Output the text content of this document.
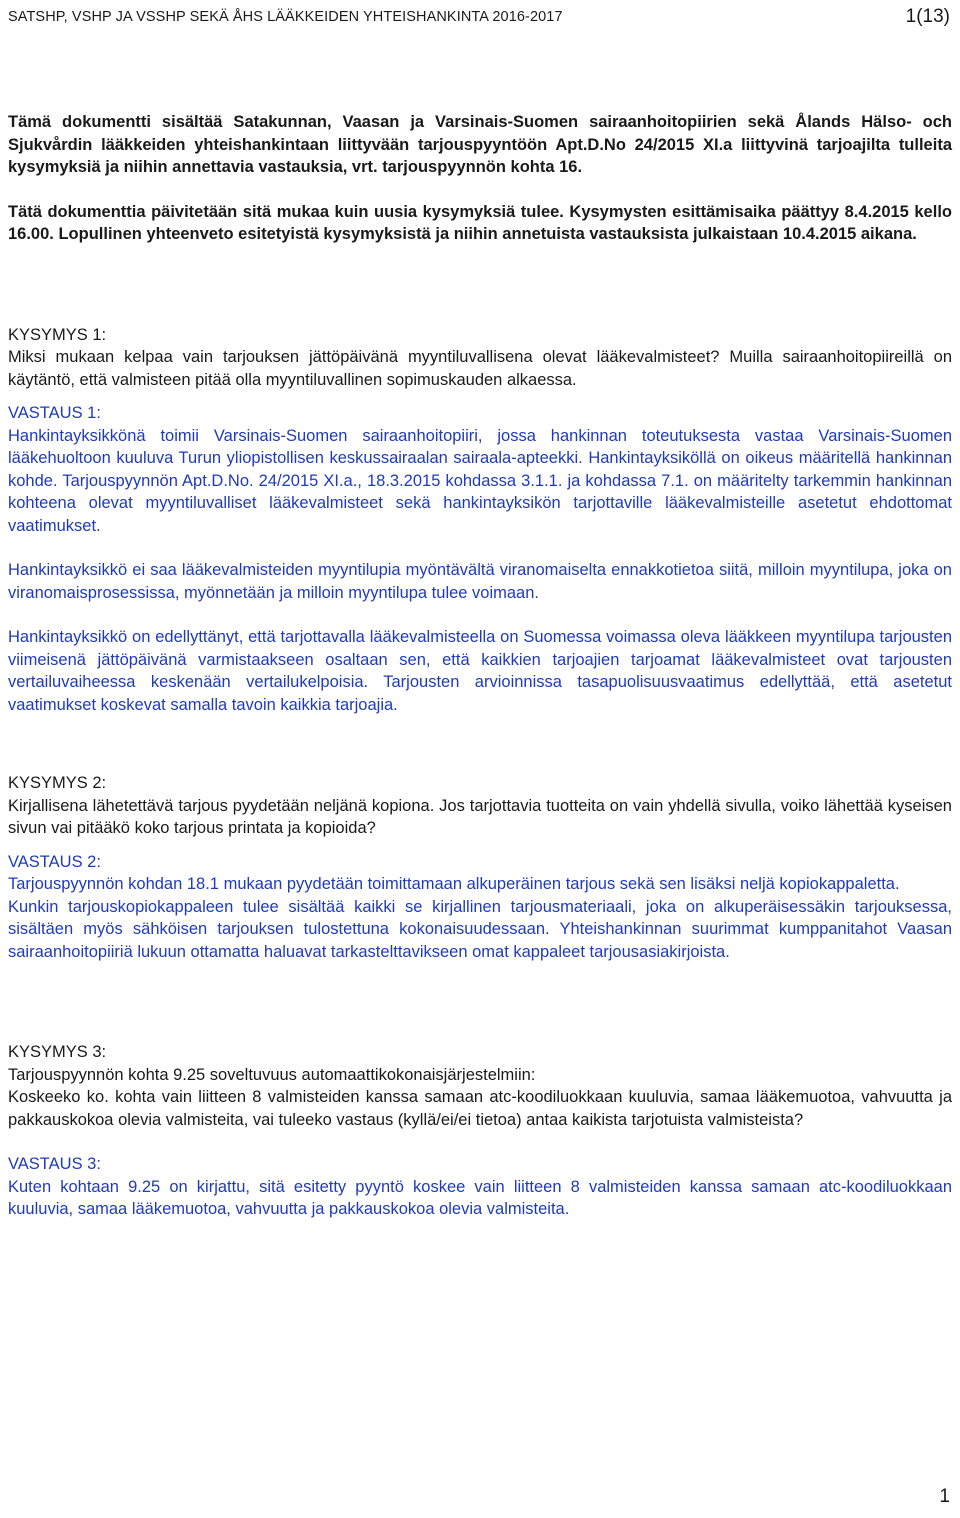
SATSHP, VSHP JA VSSHP SEKÄ ÅHS LÄÄKKEIDEN YHTEISHANKINTA 2016-2017	1(13)

Tämä dokumentti sisältää Satakunnan, Vaasan ja Varsinais-Suomen sairaanhoitopiirien sekä Ålands Hälso- och Sjukvårdin lääkkeiden yhteishankintaan liittyvään tarjouspyyntöön Apt.D.No 24/2015 XI.a liittyvinä tarjoajilta tulleita kysymyksiä ja niihin annettavia vastauksia, vrt. tarjouspyynnön kohta 16.

Tätä dokumenttia päivitetään sitä mukaa kuin uusia kysymyksiä tulee. Kysymysten esittämisaika päättyy 8.4.2015 kello 16.00. Lopullinen yhteenveto esitetyistä kysymyksistä ja niihin annetuista vastauksista julkaistaan 10.4.2015 aikana.

KYSYMYS 1:

Miksi mukaan kelpaa vain tarjouksen jättöpäivänä myyntiluvallisena olevat lääkevalmisteet? Muilla sairaanhoitopiireillä on käytäntö, että valmisteen pitää olla myyntiluvallinen sopimuskauden alkaessa.

VASTAUS 1:

Hankintayksikkönä toimii Varsinais-Suomen sairaanhoitopiiri, jossa hankinnan toteutuksesta vastaa Varsinais-Suomen lääkehuoltoon kuuluva Turun yliopistollisen keskussairaalan sairaala-apteekki. Hankintayksiköllä on oikeus määritellä hankinnan kohde. Tarjouspyynnön Apt.D.No. 24/2015 XI.a., 18.3.2015 kohdassa 3.1.1. ja kohdassa 7.1. on määritelty tarkemmin hankinnan kohteena olevat myyntiluvalliset lääkevalmisteet sekä hankintayksikön tarjottaville lääkevalmisteille asetetut ehdottomat vaatimukset.

Hankintayksikkö ei saa lääkevalmisteiden myyntilupia myöntävältä viranomaiselta ennakkotietoa siitä, milloin myyntilupa, joka on viranomaisprosessissa, myönnetään ja milloin myyntilupa tulee voimaan.

Hankintayksikkö on edellyttänyt, että tarjottavalla lääkevalmisteella on Suomessa voimassa oleva lääkkeen myyntilupa tarjousten viimeisenä jättöpäivänä varmistaakseen osaltaan sen, että kaikkien tarjoajien tarjoamat lääkevalmisteet ovat tarjousten vertailuvaiheessa keskenään vertailukelpoisia. Tarjousten arvioinnissa tasapuolisuusvaatimus edellyttää, että asetetut vaatimukset koskevat samalla tavoin kaikkia tarjoajia.

KYSYMYS 2:

Kirjallisena lähetettävä tarjous pyydetään neljänä kopiona. Jos tarjottavia tuotteita on vain yhdellä sivulla, voiko lähettää kyseisen sivun vai pitääkö koko tarjous printata ja kopioida?

VASTAUS 2:

Tarjouspyynnön kohdan 18.1 mukaan pyydetään toimittamaan alkuperäinen tarjous sekä sen lisäksi neljä kopiokappaletta.

Kunkin tarjouskopiokappaleen tulee sisältää kaikki se kirjallinen tarjousmateriaali, joka on alkuperäisessäkin tarjouksessa, sisältäen myös sähköisen tarjouksen tulostettuna kokonaisuudessaan. Yhteishankinnan suurimmat kumppanitahot Vaasan sairaanhoitopiiriä lukuun ottamatta haluavat tarkastelttavikseen omat kappaleet tarjousasiakirjoista.

KYSYMYS 3:

Tarjouspyynnön kohta 9.25 soveltuvuus automaattikokonaisjärjestelmiin:

Koskeeko ko. kohta vain liitteen 8 valmisteiden kanssa samaan atc-koodiluokkaan kuuluvia, samaa lääkemuotoa, vahvuutta ja pakkauskokoa olevia valmisteita, vai tuleeko vastaus (kyllä/ei/ei tietoa) antaa kaikista tarjotuista valmisteista?

VASTAUS 3:

Kuten kohtaan 9.25 on kirjattu, sitä esitetty pyyntö koskee vain liitteen 8 valmisteiden kanssa samaan atc-koodiluokkaan kuuluvia, samaa lääkemuotoa, vahvuutta ja pakkauskokoa olevia valmisteita.

1
